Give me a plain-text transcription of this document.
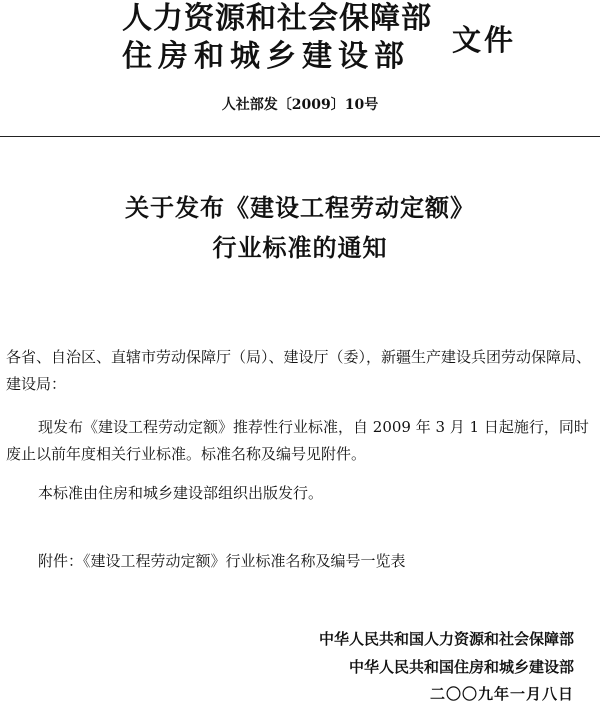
人力资源和社会保障部
住房和城乡建设部 文件
人社部发〔2009〕10号
关于发布《建设工程劳动定额》
行业标准的通知
各省、自治区、直辖市劳动保障厅（局）、建设厅（委），新疆生产建设兵团劳动保障局、建设局：
现发布《建设工程劳动定额》推荐性行业标准，自 2009 年 3 月 1 日起施行，同时废止以前年度相关行业标准。标准名称及编号见附件。
本标准由住房和城乡建设部组织出版发行。
附件：《建设工程劳动定额》行业标准名称及编号一览表
中华人民共和国人力资源和社会保障部
中华人民共和国住房和城乡建设部
二〇〇九年一月八日
